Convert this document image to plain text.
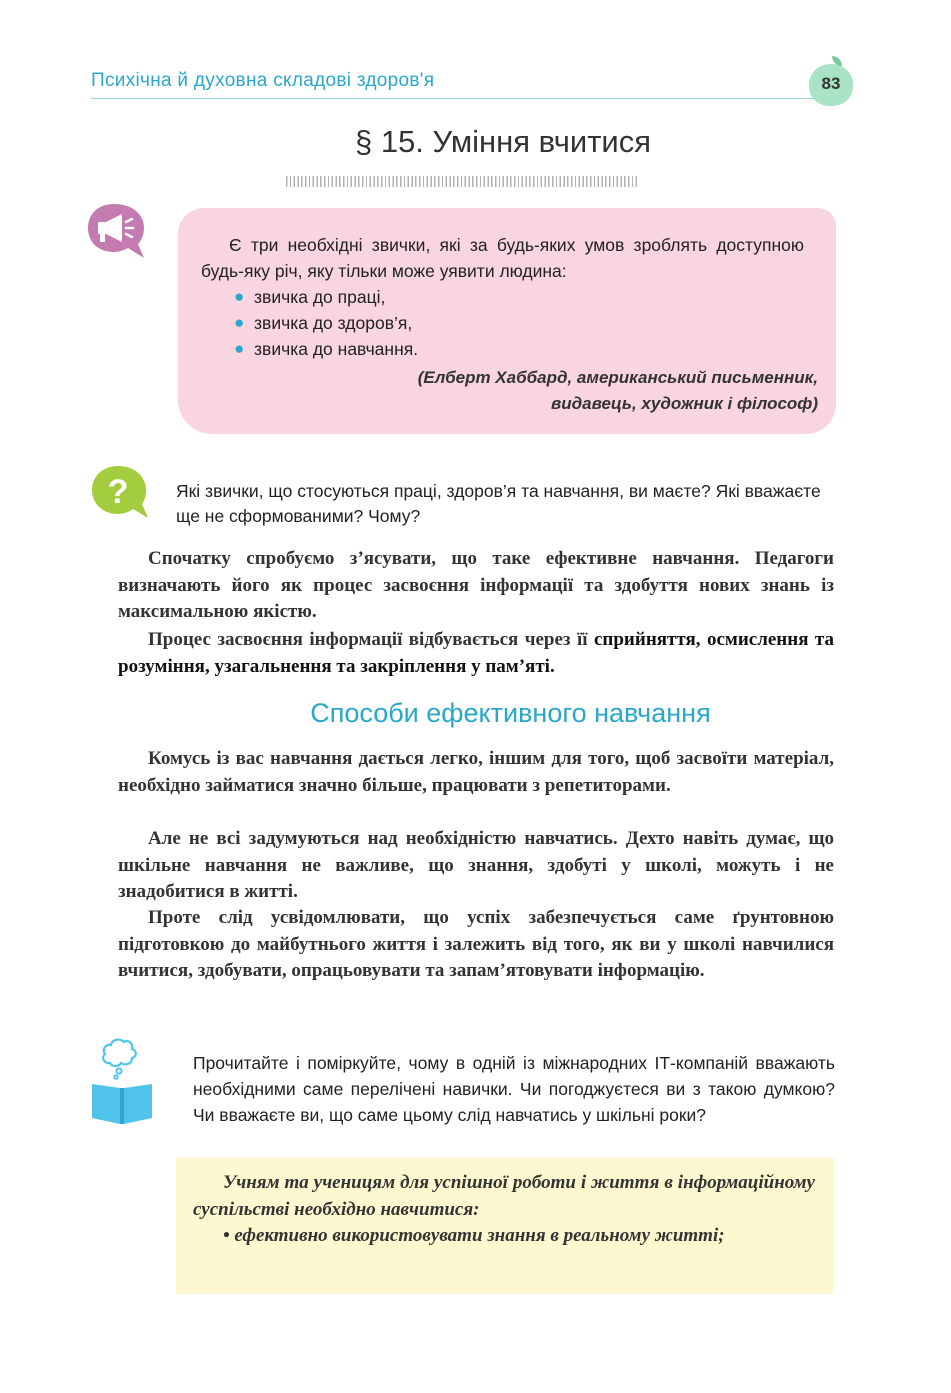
Психічна й духовна складові здоров'я	83
§ 15. Уміння вчитися
Є три необхідні звички, які за будь-яких умов зроблять доступною будь-яку річ, яку тільки може уявити людина:
● звичка до праці,
● звичка до здоров’я,
● звичка до навчання.
(Елберт Хаббард, американський письменник,
видавець, художник і філософ)
?	Які звички, що стосуються праці, здоров’я та навчання, ви маєте? Які вважаєте ще не сформованими? Чому?

Спочатку спробуємо з’ясувати, що таке ефективне навчання. Педагоги визначають його як процес засвоєння інформації та здобуття нових знань із максимальною якістю.

Процес засвоєння інформації відбувається через її сприйняття, осмислення та розуміння, узагальнення та закріплення у пам’яті.

Способи ефективного навчання

Комусь із вас навчання дається легко, іншим для того, щоб засвоїти матеріал, необхідно займатися значно більше, працювати з репетиторами.

Але не всі задумуються над необхідністю навчатись. Дехто навіть думає, що шкільне навчання не важливе, що знання, здобуті у школі, можуть і не знадобитися в житті.

Проте слід усвідомлювати, що успіх забезпечується саме ґрунтовною підготовкою до майбутнього життя і залежить від того, як ви у школі навчилися вчитися, здобувати, опрацьовувати та запам’ятовувати інформацію.

Прочитайте і поміркуйте, чому в одній із міжнародних ІТ-компаній вважають необхідними саме перелічені навички. Чи погоджуєтеся ви з такою думкою? Чи вважаєте ви, що саме цьому слід навчатись у шкільні роки?
Учням та ученицям для успішної роботи і життя в інформаційному суспільстві необхідно навчитися:
• ефективно використовувати знання в реальному житті;
